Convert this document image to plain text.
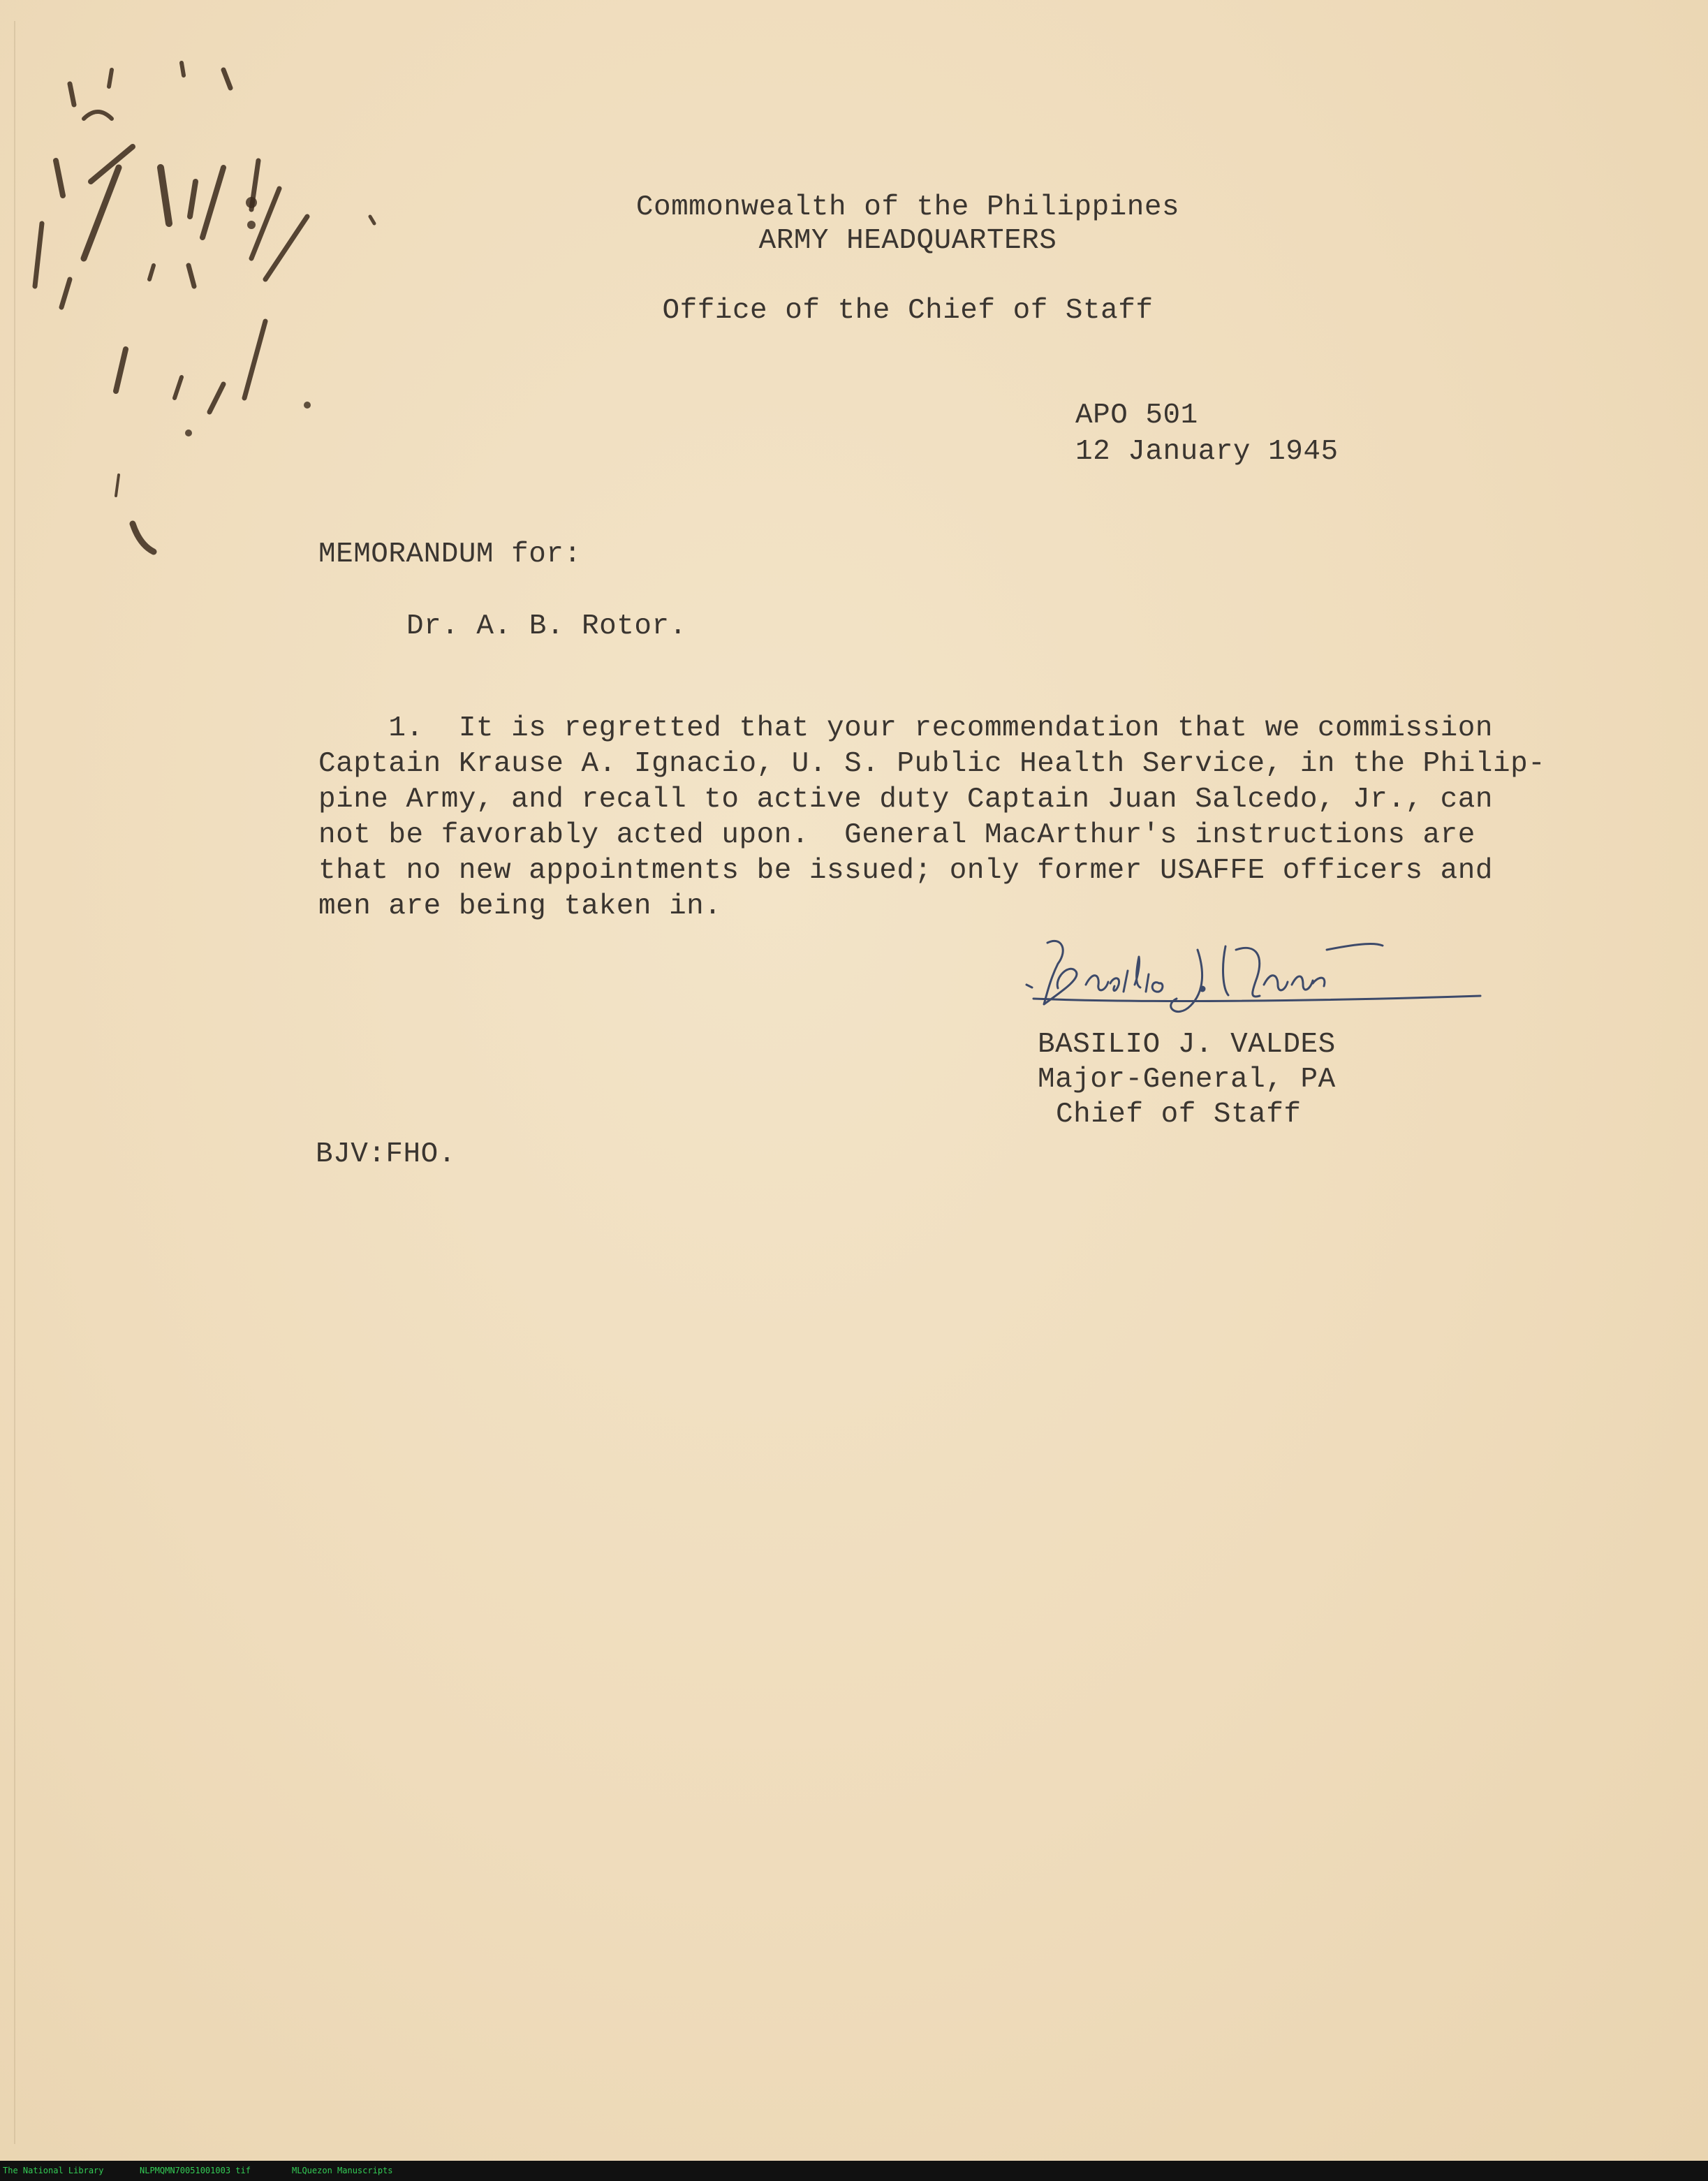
Commonwealth of the Philippines
ARMY HEADQUARTERS
Office of the Chief of Staff
APO 501
12 January 1945
MEMORANDUM for:
Dr. A. B. Rotor.
1.  It is regretted that your recommendation that we commission
Captain Krause A. Ignacio, U. S. Public Health Service, in the Philip-
pine Army, and recall to active duty Captain Juan Salcedo, Jr., can
not be favorably acted upon.  General MacArthur's instructions are
that no new appointments be issued; only former USAFFE officers and
men are being taken in.
BASILIO J. VALDES
Major-General, PA
Chief of Staff
BJV:FHO.
The National Library	NLPMQMN70051001003 tif	MLQuezon Manuscripts
